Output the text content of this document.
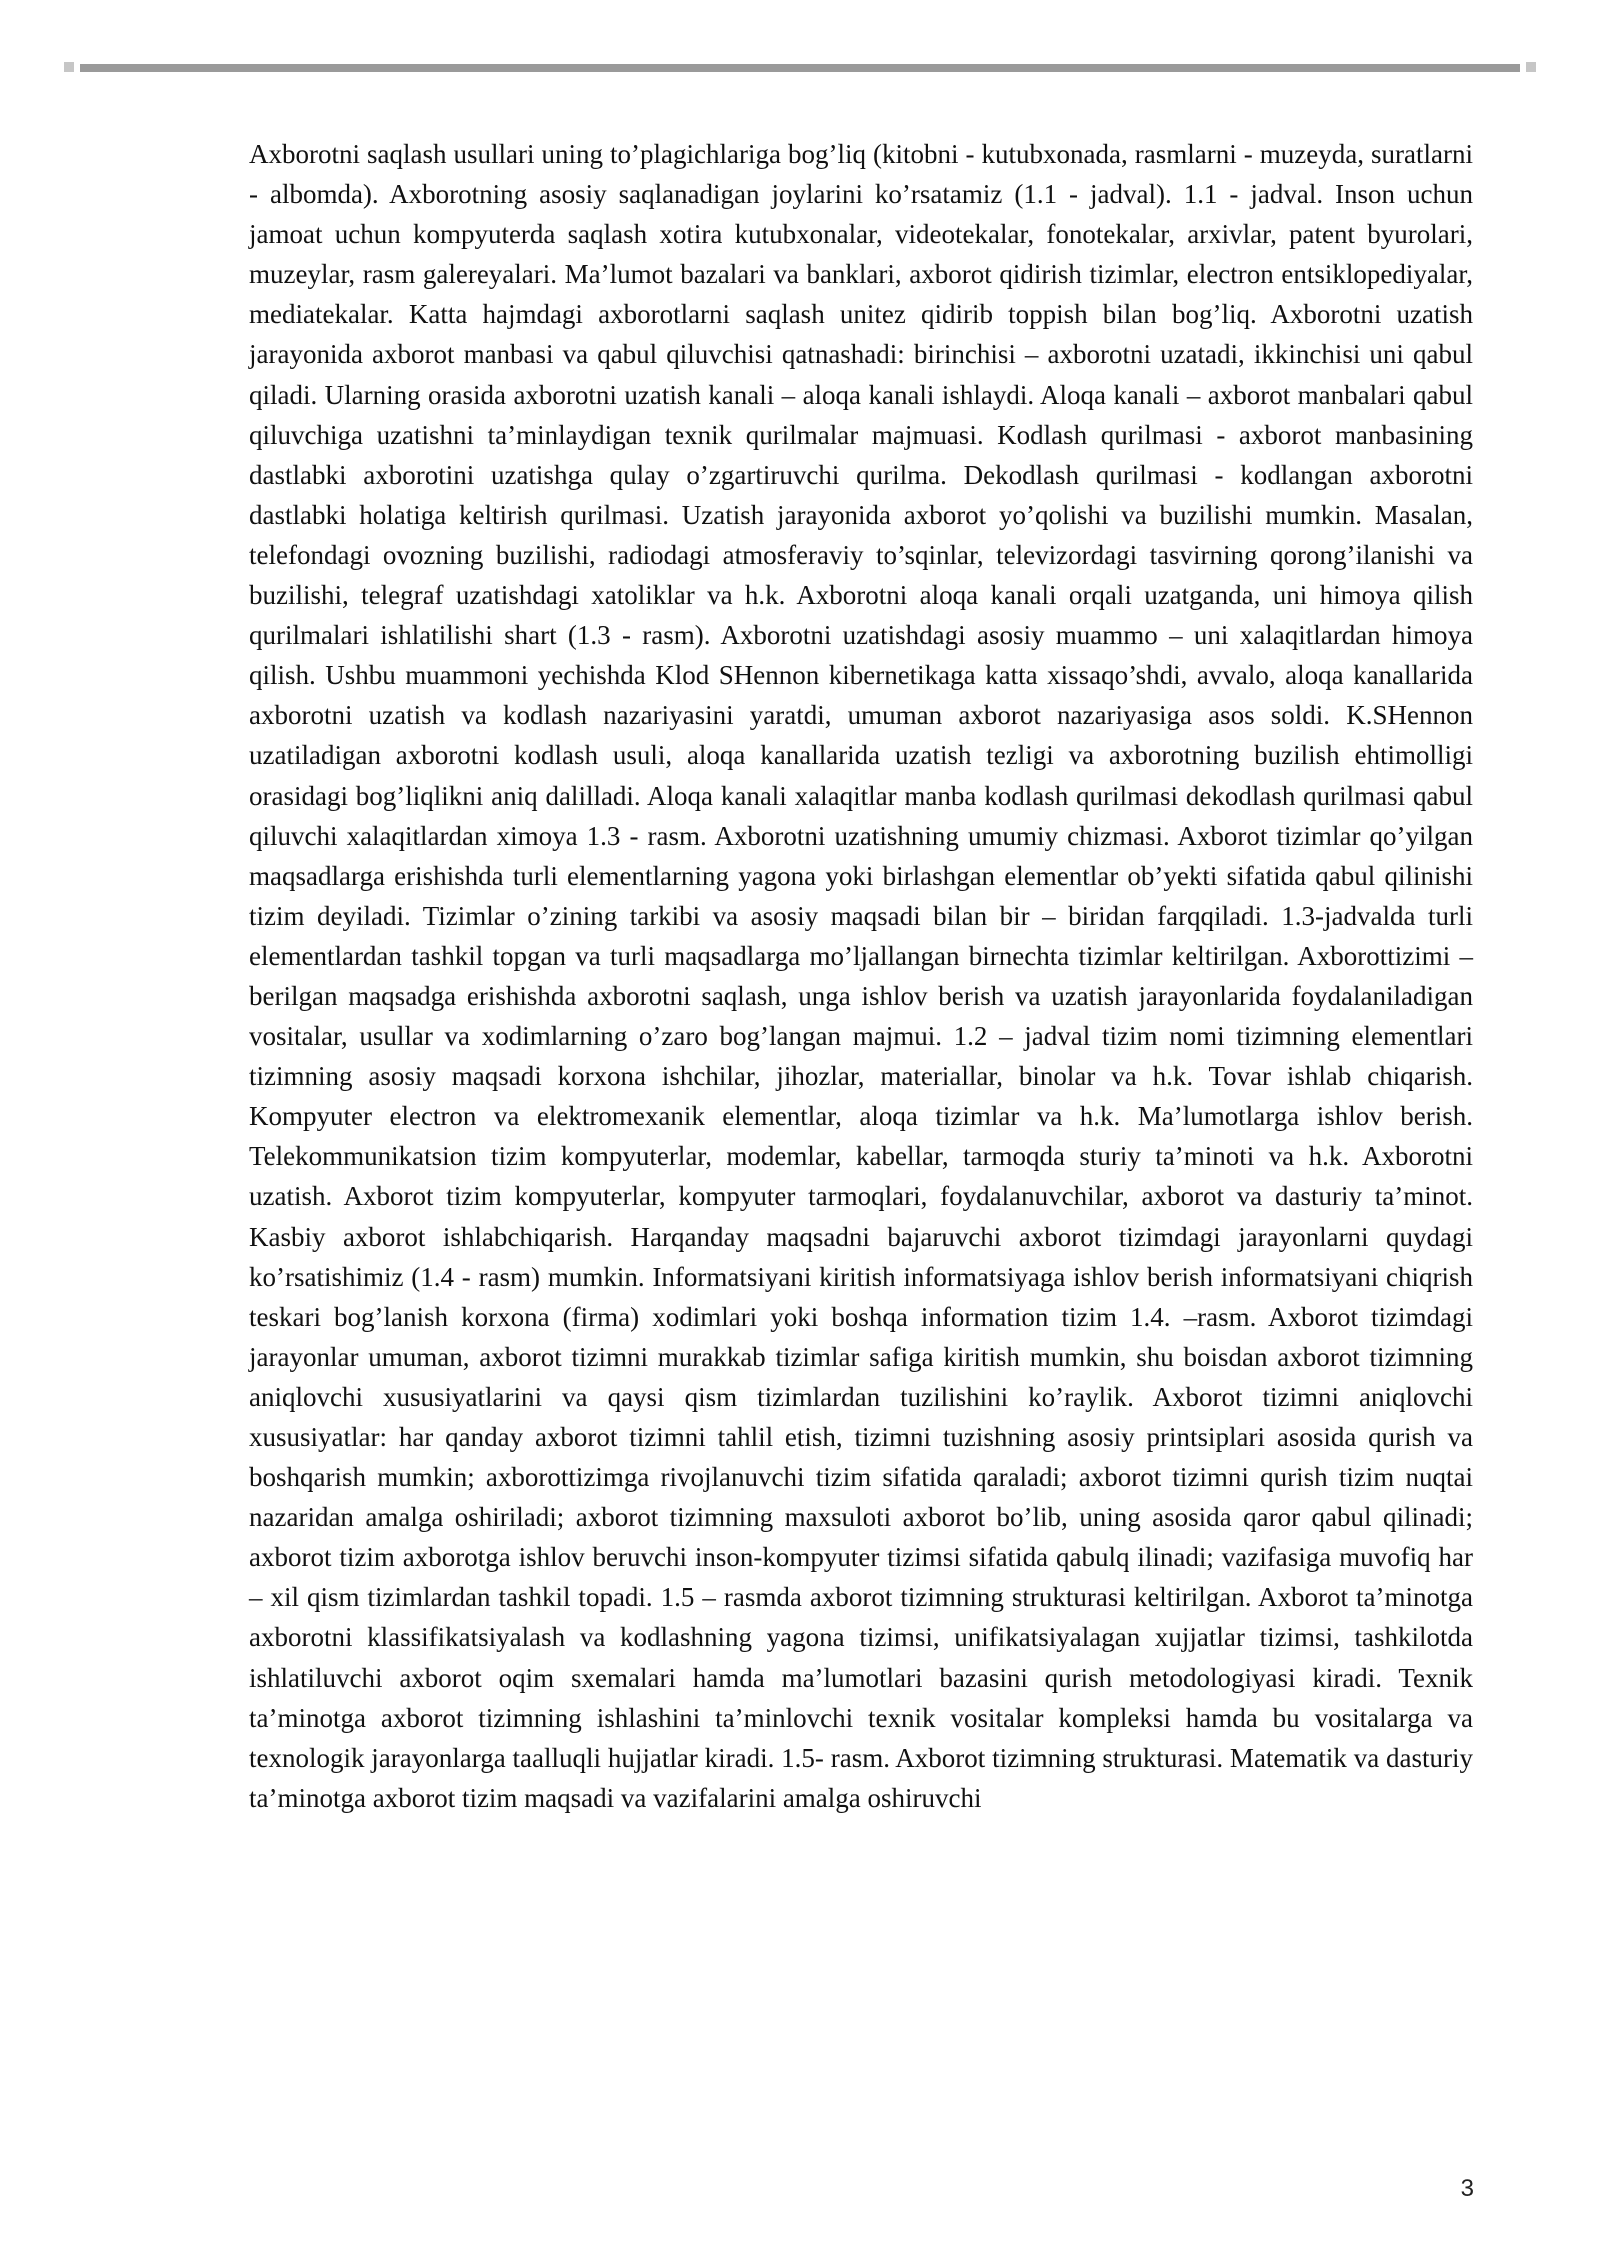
Axborotni saqlash usullari uning to’plagichlariga bog’liq (kitobni - kutubxonada, rasmlarni - muzeyda, suratlarni - albomda). Axborotning asosiy saqlanadigan joylarini ko’rsatamiz (1.1 - jadval). 1.1 - jadval. Inson uchun jamoat uchun kompyuterda saqlash xotira kutubxonalar, videotekalar, fonotekalar, arxivlar, patent byurolari, muzeylar, rasm galereyalari. Ma’lumot bazalari va banklari, axborot qidirish tizimlar, electron entsiklopediyalar, mediatekalar. Katta hajmdagi axborotlarni saqlash unitez qidirib toppish bilan bog’liq. Axborotni uzatish jarayonida axborot manbasi va qabul qiluvchisi qatnashadi: birinchisi – axborotni uzatadi, ikkinchisi uni qabul qiladi. Ularning orasida axborotni uzatish kanali – aloqa kanali ishlaydi. Aloqa kanali – axborot manbalari qabul qiluvchiga uzatishni ta’minlaydigan texnik qurilmalar majmuasi. Kodlash qurilmasi - axborot manbasining dastlabki axborotini uzatishga qulay o’zgartiruvchi qurilma. Dekodlash qurilmasi - kodlangan axborotni dastlabki holatiga keltirish qurilmasi. Uzatish jarayonida axborot yo’qolishi va buzilishi mumkin. Masalan, telefondagi ovozning buzilishi, radiodagi atmosferaviy to’sqinlar, televizordagi tasvirning qorong’ilanishi va buzilishi, telegraf uzatishdagi xatoliklar va h.k. Axborotni aloqa kanali orqali uzatganda, uni himoya qilish qurilmalari ishlatilishi shart (1.3 - rasm). Axborotni uzatishdagi asosiy muammo – uni xalaqitlardan himoya qilish. Ushbu muammoni yechishda Klod SHennon kibernetikaga katta xissaqo’shdi, avvalo, aloqa kanallarida axborotni uzatish va kodlash nazariyasini yaratdi, umuman axborot nazariyasiga asos soldi. K.SHennon uzatiladigan axborotni kodlash usuli, aloqa kanallarida uzatish tezligi va axborotning buzilish ehtimolligi orasidagi bog’liqlikni aniq dalilladi. Aloqa kanali xalaqitlar manba kodlash qurilmasi dekodlash qurilmasi qabul qiluvchi xalaqitlardan ximoya 1.3 - rasm. Axborotni uzatishning umumiy chizmasi. Axborot tizimlar qo’yilgan maqsadlarga erishishda turli elementlarning yagona yoki birlashgan elementlar ob’yekti sifatida qabul qilinishi tizim deyiladi. Tizimlar o’zining tarkibi va asosiy maqsadi bilan bir – biridan farqqiladi. 1.3-jadvalda turli elementlardan tashkil topgan va turli maqsadlarga mo’ljallangan birnechta tizimlar keltirilgan. Axborottizimi – berilgan maqsadga erishishda axborotni saqlash, unga ishlov berish va uzatish jarayonlarida foydalaniladigan vositalar, usullar va xodimlarning o’zaro bog’langan majmui. 1.2 – jadval tizim nomi tizimning elementlari tizimning asosiy maqsadi korxona ishchilar, jihozlar, materiallar, binolar va h.k. Tovar ishlab chiqarish. Kompyuter electron va elektromexanik elementlar, aloqa tizimlar va h.k. Ma’lumotlarga ishlov berish. Telekommunikatsion tizim kompyuterlar, modemlar, kabellar, tarmoqda sturiy ta’minoti va h.k. Axborotni uzatish. Axborot tizim kompyuterlar, kompyuter tarmoqlari, foydalanuvchilar, axborot va dasturiy ta’minot. Kasbiy axborot ishlabchiqarish. Harqanday maqsadni bajaruvchi axborot tizimdagi jarayonlarni quydagi ko’rsatishimiz (1.4 - rasm) mumkin. Informatsiyani kiritish informatsiyaga ishlov berish informatsiyani chiqrish teskari bog’lanish korxona (firma) xodimlari yoki boshqa information tizim 1.4. –rasm. Axborot tizimdagi jarayonlar umuman, axborot tizimni murakkab tizimlar safiga kiritish mumkin, shu boisdan axborot tizimning aniqlovchi xususiyatlarini va qaysi qism tizimlardan tuzilishini ko’raylik. Axborot tizimni aniqlovchi xususiyatlar: har qanday axborot tizimni tahlil etish, tizimni tuzishning asosiy printsiplari asosida qurish va boshqarish mumkin; axborottizimga rivojlanuvchi tizim sifatida qaraladi; axborot tizimni qurish tizim nuqtai nazaridan amalga oshiriladi; axborot tizimning maxsuloti axborot bo’lib, uning asosida qaror qabul qilinadi; axborot tizim axborotga ishlov beruvchi inson-kompyuter tizimsi sifatida qabulq ilinadi; vazifasiga muvofiq har – xil qism tizimlardan tashkil topadi. 1.5 – rasmda axborot tizimning strukturasi keltirilgan. Axborot ta’minotga axborotni klassifikatsiyalash va kodlashning yagona tizimsi, unifikatsiyalagan xujjatlar tizimsi, tashkilotda ishlatiluvchi axborot oqim sxemalari hamda ma’lumotlari bazasini qurish metodologiyasi kiradi. Texnik ta’minotga axborot tizimning ishlashini ta’minlovchi texnik vositalar kompleksi hamda bu vositalarga va texnologik jarayonlarga taalluqli hujjatlar kiradi. 1.5- rasm. Axborot tizimning strukturasi. Matematik va dasturiy ta’minotga axborot tizim maqsadi va vazifalarini amalga oshiruvchi

3
